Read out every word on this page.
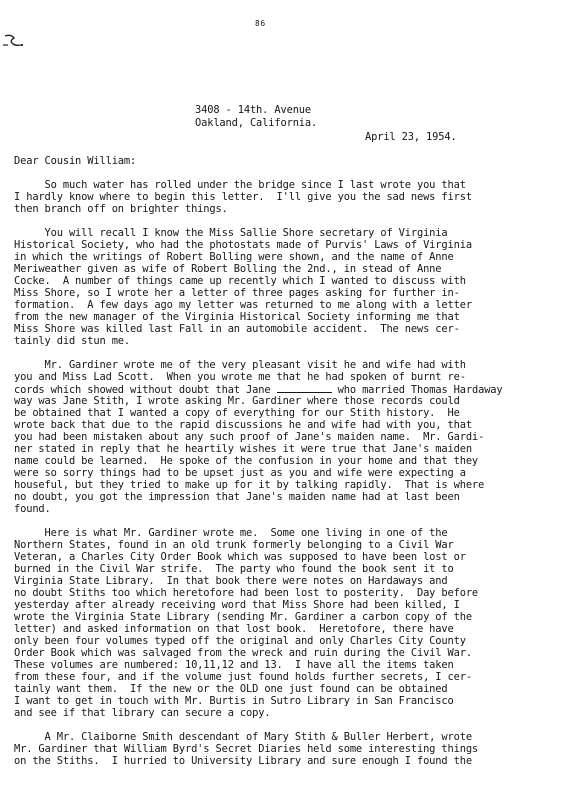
86
3408 - 14th. Avenue
Oakland, California.
April 23, 1954.
Dear Cousin William:
So much water has rolled under the bridge since I last wrote you that
I hardly know where to begin this letter.  I'll give you the sad news first
then branch off on brighter things.
You will recall I know the Miss Sallie Shore secretary of Virginia
Historical Society, who had the photostats made of Purvis' Laws of Virginia
in which the writings of Robert Bolling were shown, and the name of Anne
Meriweather given as wife of Robert Bolling the 2nd., in stead of Anne
Cocke.  A number of things came up recently which I wanted to discuss with
Miss Shore, so I wrote her a letter of three pages asking for further in-
formation.  A few days ago my letter was returned to me along with a letter
from the new manager of the Virginia Historical Society informing me that
Miss Shore was killed last Fall in an automobile accident.  The news cer-
tainly did stun me.
Mr. Gardiner wrote me of the very pleasant visit he and wife had with
you and Miss Lad Scott.  When you wrote me that he had spoken of burnt re-
cords which showed without doubt that Jane	who married Thomas Hardaway
way was Jane Stith, I wrote asking Mr. Gardiner where those records could
be obtained that I wanted a copy of everything for our Stith history.  He
wrote back that due to the rapid discussions he and wife had with you, that
you had been mistaken about any such proof of Jane's maiden name.  Mr. Gardi-
ner stated in reply that he heartily wishes it were true that Jane's maiden
name could be learned.  He spoke of the confusion in your home and that they
were so sorry things had to be upset just as you and wife were expecting a
houseful, but they tried to make up for it by talking rapidly.  That is where
no doubt, you got the impression that Jane's maiden name had at last been
found.
Here is what Mr. Gardiner wrote me.  Some one living in one of the
Northern States, found in an old trunk formerly belonging to a Civil War
Veteran, a Charles City Order Book which was supposed to have been lost or
burned in the Civil War strife.  The party who found the book sent it to
Virginia State Library.  In that book there were notes on Hardaways and
no doubt Stiths too which heretofore had been lost to posterity.  Day before
yesterday after already receiving word that Miss Shore had been killed, I
wrote the Virginia State Library (sending Mr. Gardiner a carbon copy of the
letter) and asked information on that lost book.  Heretofore, there have
only been four volumes typed off the original and only Charles City County
Order Book which was salvaged from the wreck and ruin during the Civil War.
These volumes are numbered: 10,11,12 and 13.  I have all the items taken
from these four, and if the volume just found holds further secrets, I cer-
tainly want them.  If the new or the OLD one just found can be obtained
I want to get in touch with Mr. Burtis in Sutro Library in San Francisco
and see if that library can secure a copy.
A Mr. Claiborne Smith descendant of Mary Stith & Buller Herbert, wrote
Mr. Gardiner that William Byrd's Secret Diaries held some interesting things
on the Stiths.  I hurried to University Library and sure enough I found the
